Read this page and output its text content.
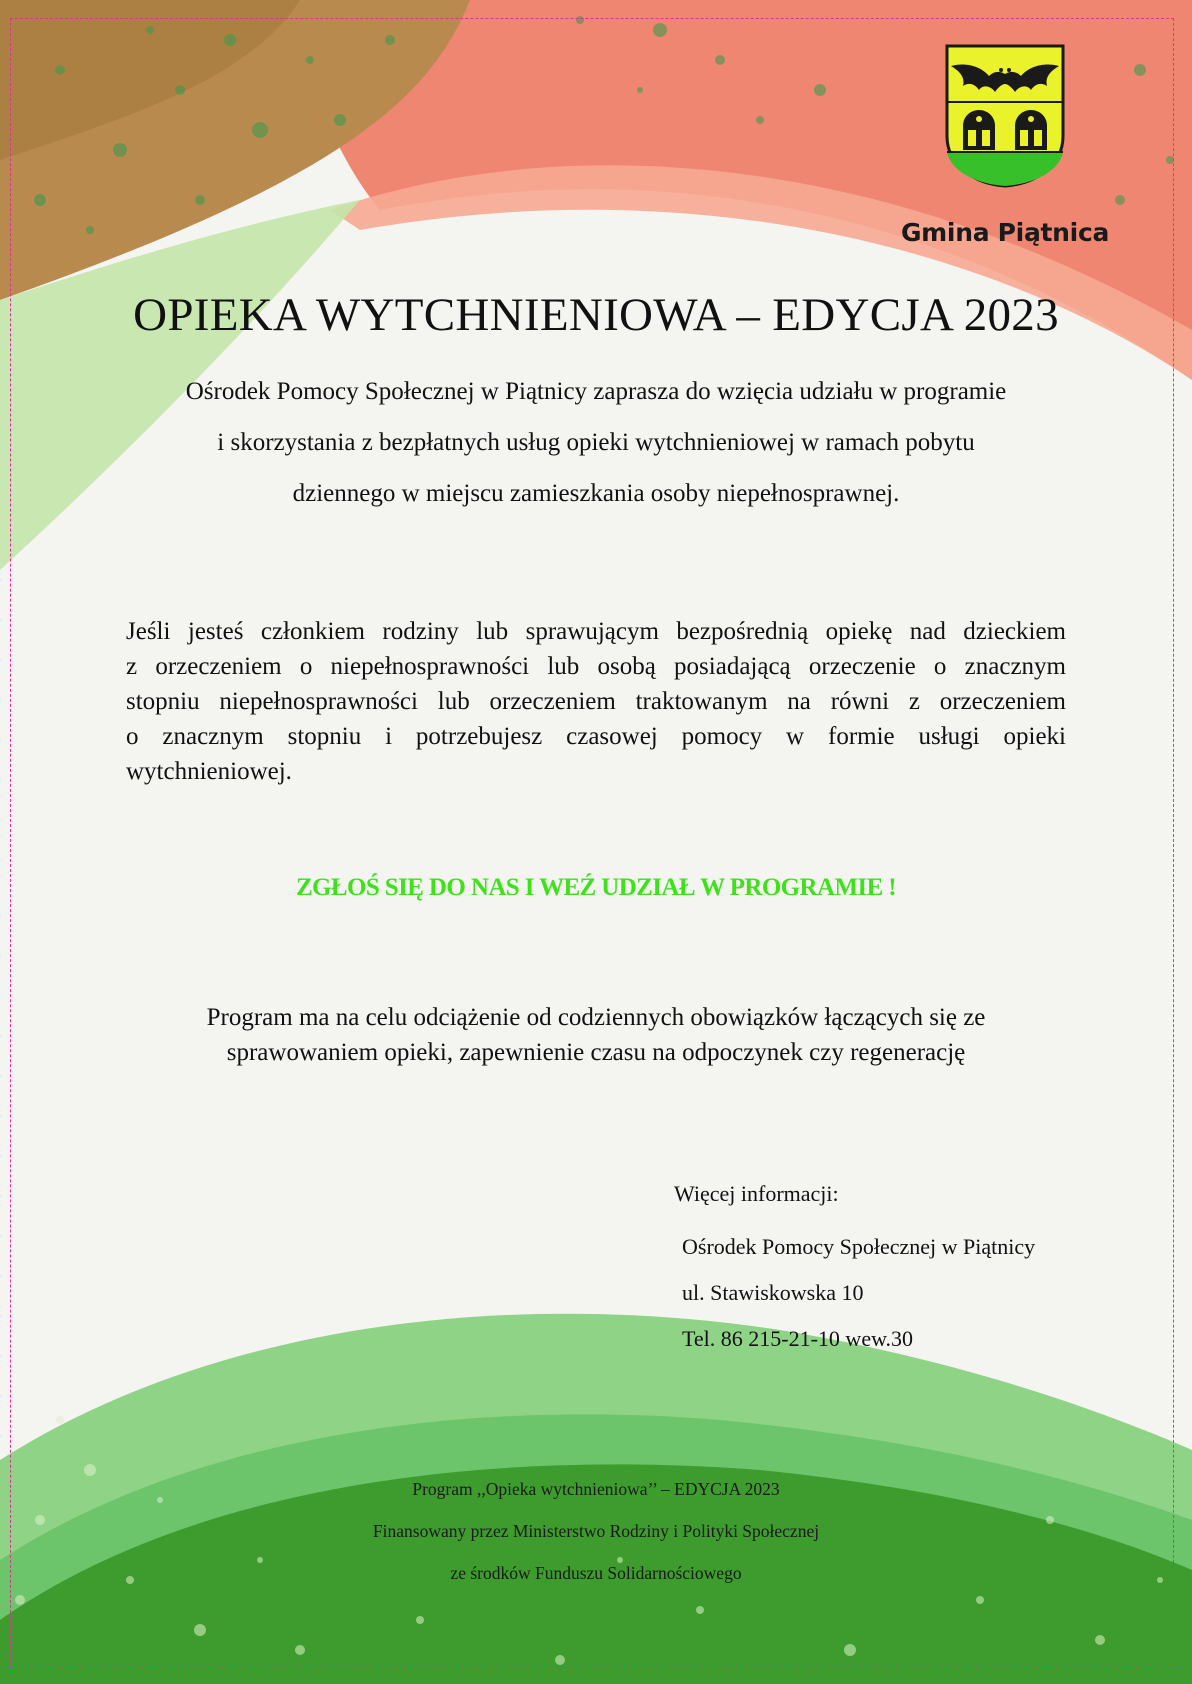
Gmina Piątnica
OPIEKA WYTCHNIENIOWA – EDYCJA 2023
Ośrodek Pomocy Społecznej w Piątnicy zaprasza do wzięcia udziału w programie
i skorzystania z bezpłatnych usług opieki wytchnieniowej w ramach pobytu
dziennego w miejscu zamieszkania osoby niepełnosprawnej.
Jeśli jesteś członkiem rodziny lub sprawującym bezpośrednią opiekę nad dzieckiem
z orzeczeniem o niepełnosprawności lub osobą posiadającą orzeczenie o znacznym
stopniu niepełnosprawności lub orzeczeniem traktowanym na równi z orzeczeniem
o znacznym stopniu i potrzebujesz czasowej pomocy w formie usługi opieki
wytchnieniowej.
ZGŁOŚ SIĘ DO NAS I WEŹ UDZIAŁ W PROGRAMIE !
Program ma na celu odciążenie od codziennych obowiązków łączących się ze
sprawowaniem opieki, zapewnienie czasu na odpoczynek czy regenerację
Więcej informacji:
Ośrodek Pomocy Społecznej w Piątnicy
ul. Stawiskowska 10
Tel. 86 215-21-10 wew.30
Program ,,Opieka wytchnieniowa’’ – EDYCJA 2023
Finansowany przez Ministerstwo Rodziny i Polityki Społecznej
ze środków Funduszu Solidarnościowego
